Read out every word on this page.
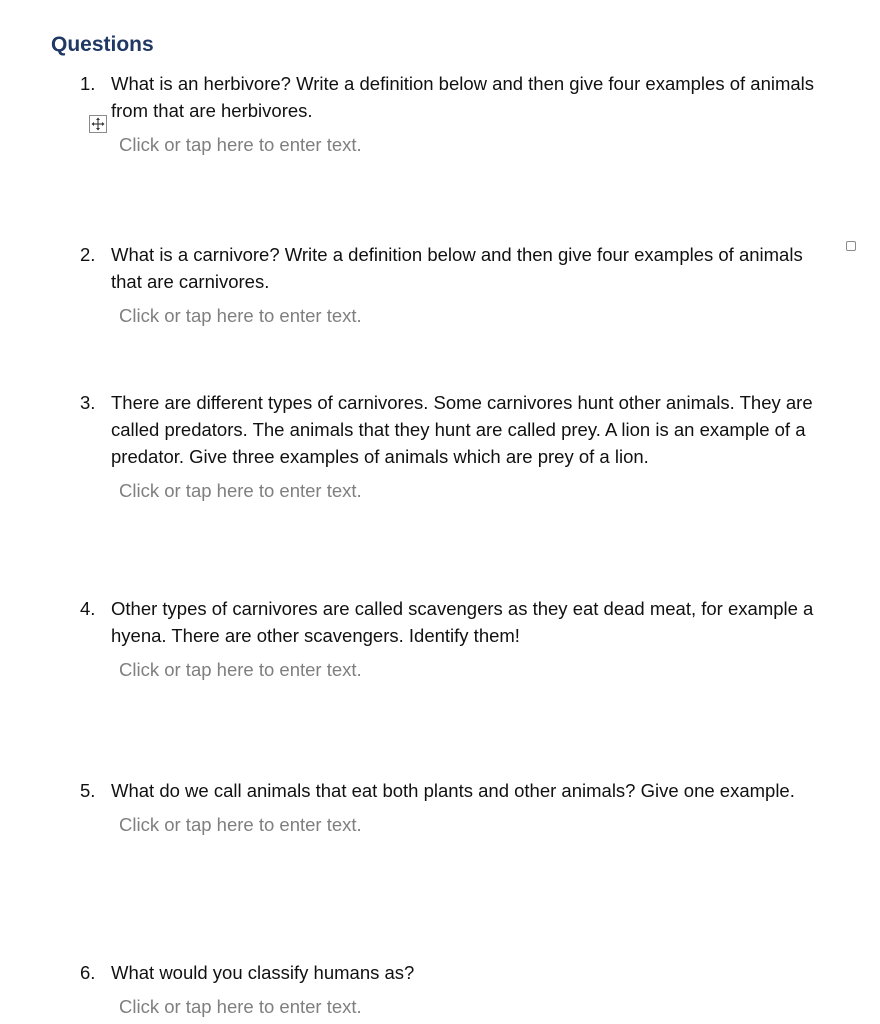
Questions
1. What is an herbivore? Write a definition below and then give four examples of animals from that are herbivores.
Click or tap here to enter text.
2. What is a carnivore? Write a definition below and then give four examples of animals that are carnivores.
Click or tap here to enter text.
3. There are different types of carnivores. Some carnivores hunt other animals. They are called predators. The animals that they hunt are called prey. A lion is an example of a predator. Give three examples of animals which are prey of a lion.
Click or tap here to enter text.
4. Other types of carnivores are called scavengers as they eat dead meat, for example a hyena. There are other scavengers. Identify them!
Click or tap here to enter text.
5. What do we call animals that eat both plants and other animals? Give one example.
Click or tap here to enter text.
6. What would you classify humans as?
Click or tap here to enter text.
